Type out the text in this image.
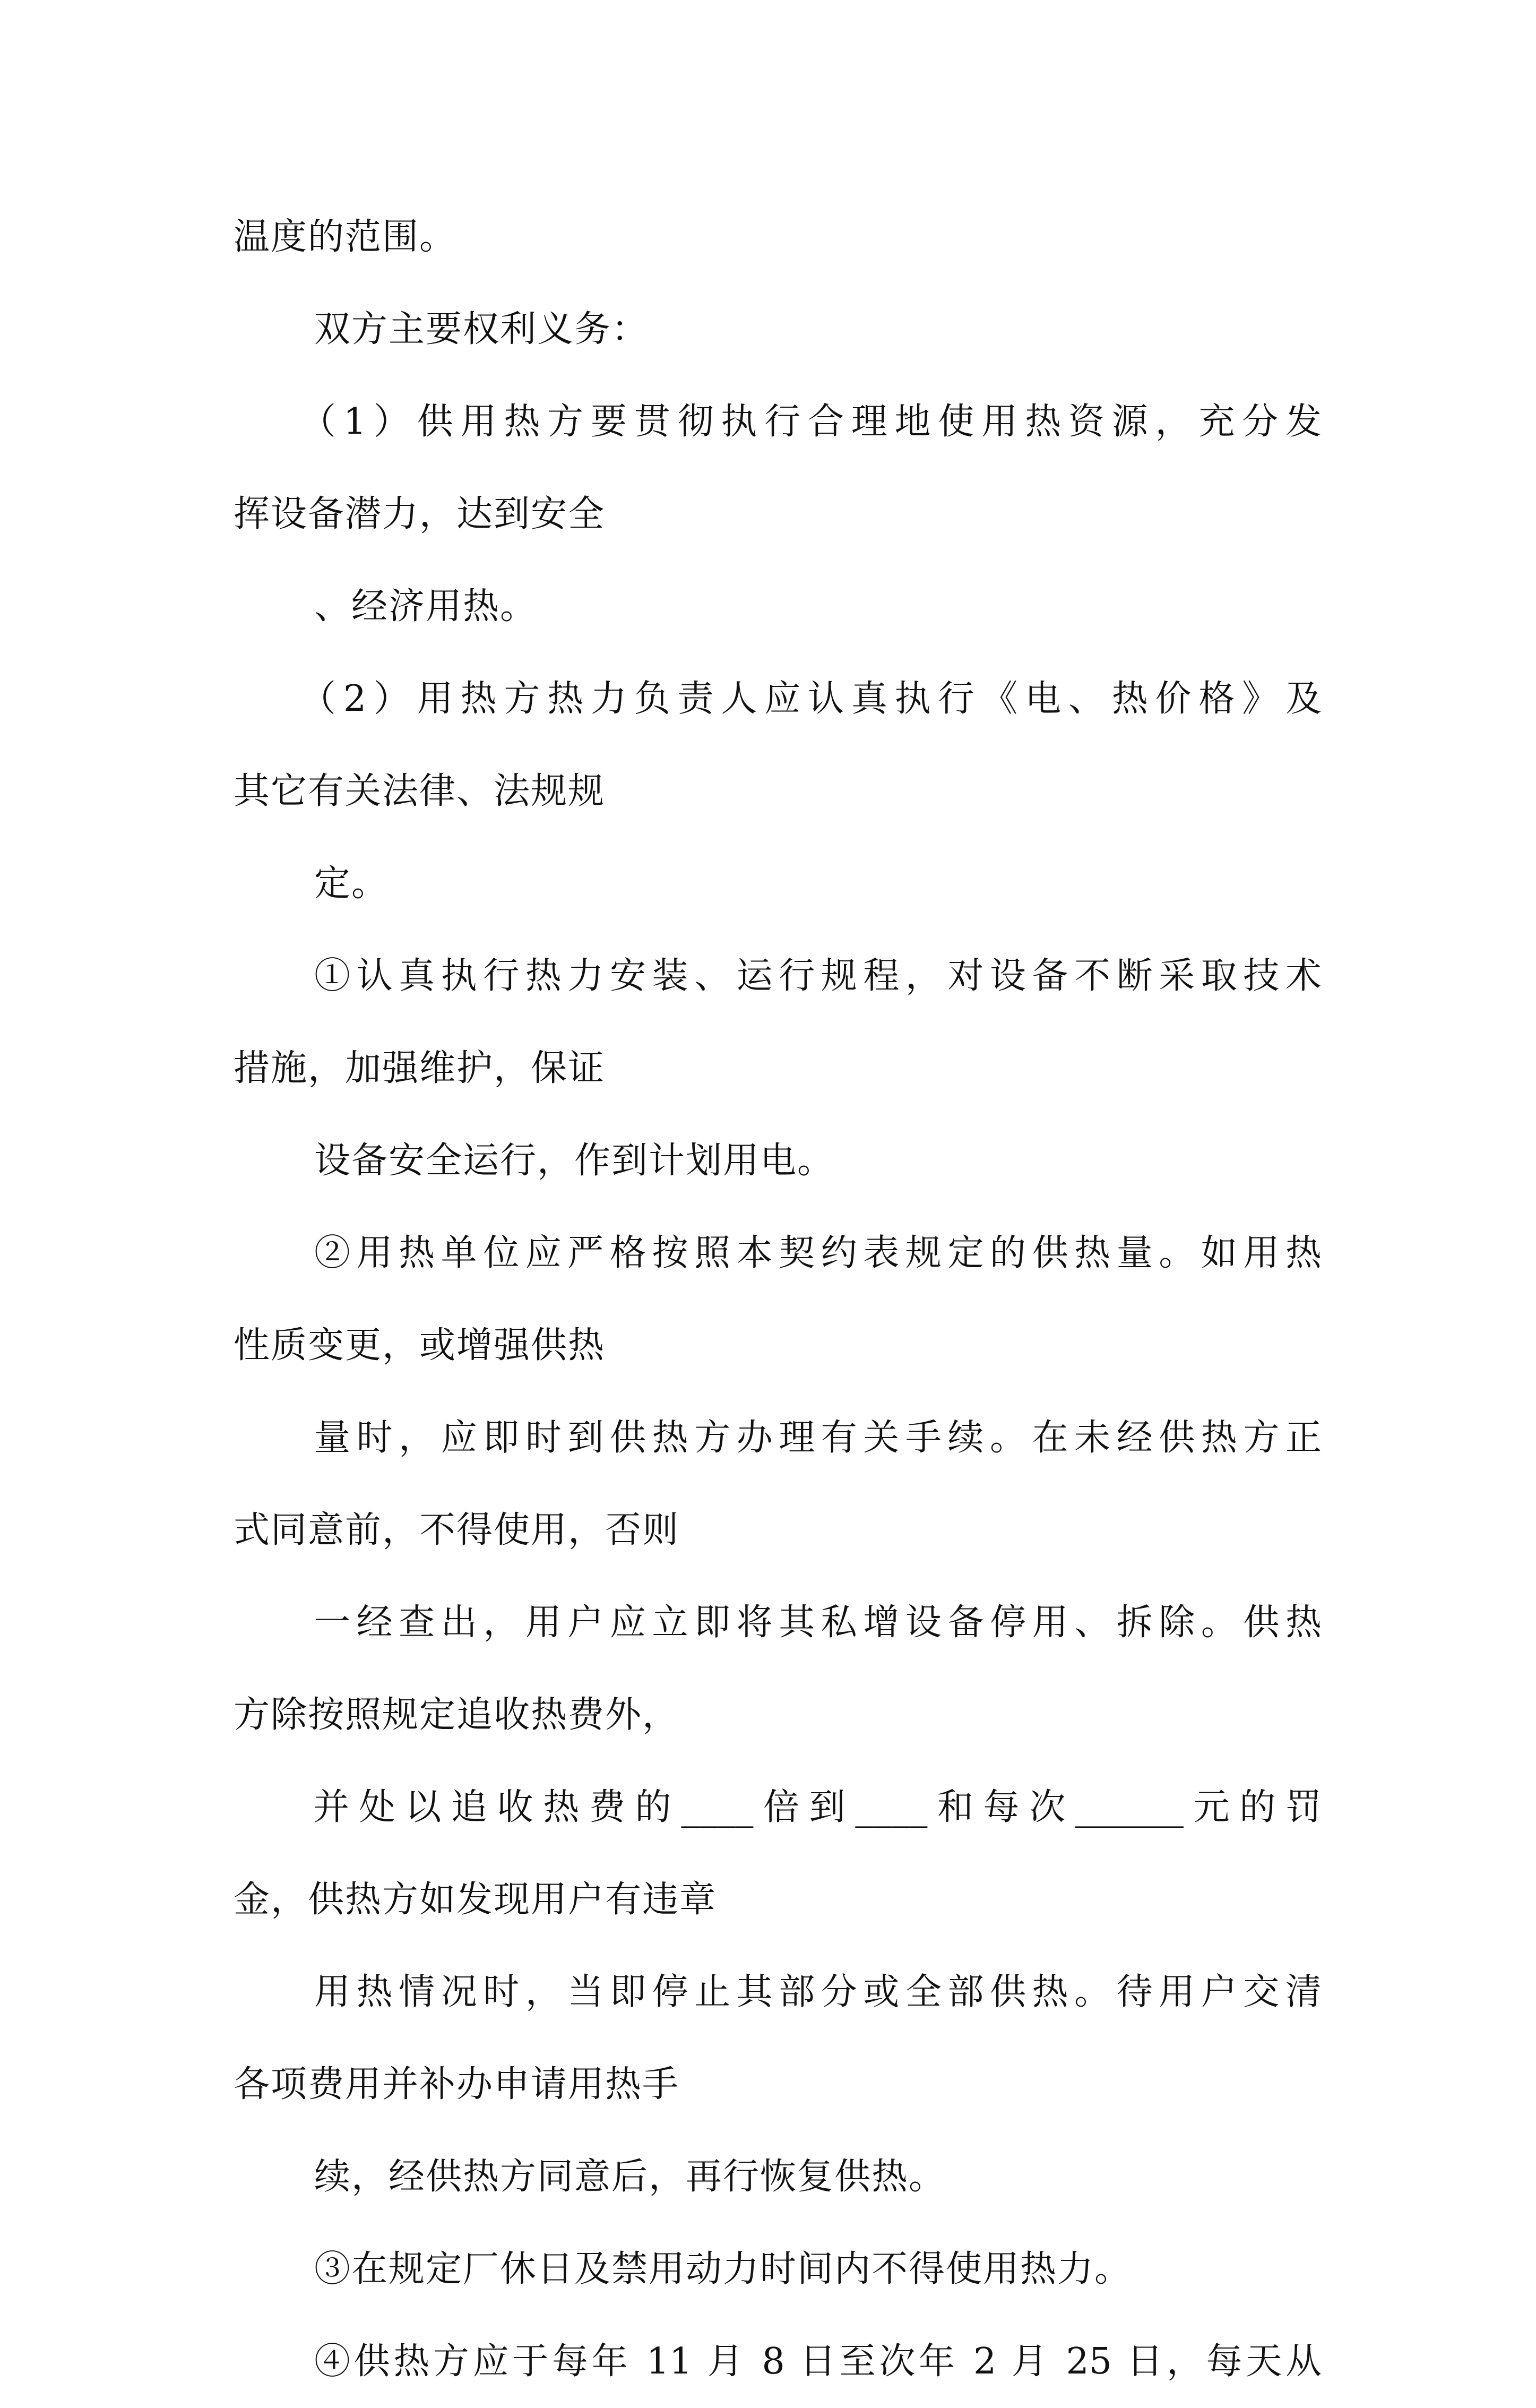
温度的范围。
双方主要权利义务：
（1）供用热方要贯彻执行合理地使用热资源，充分发
挥设备潜力，达到安全
、经济用热。
（2）用热方热力负责人应认真执行《电、热价格》及
其它有关法律、法规规
定。
①认真执行热力安装、运行规程，对设备不断采取技术
措施，加强维护，保证
设备安全运行，作到计划用电。
②用热单位应严格按照本契约表规定的供热量。如用热
性质变更，或增强供热
量时，应即时到供热方办理有关手续。在未经供热方正
式同意前，不得使用，否则
一经查出，用户应立即将其私增设备停用、拆除。供热
方除按照规定追收热费外，
并处以追收热费的____倍到____和每次______元的罚
金，供热方如发现用户有违章
用热情况时，当即停止其部分或全部供热。待用户交清
各项费用并补办申请用热手
续，经供热方同意后，再行恢复供热。
③在规定厂休日及禁用动力时间内不得使用热力。
④供热方应于每年 11 月 8 日至次年 2 月 25 日，每天从
